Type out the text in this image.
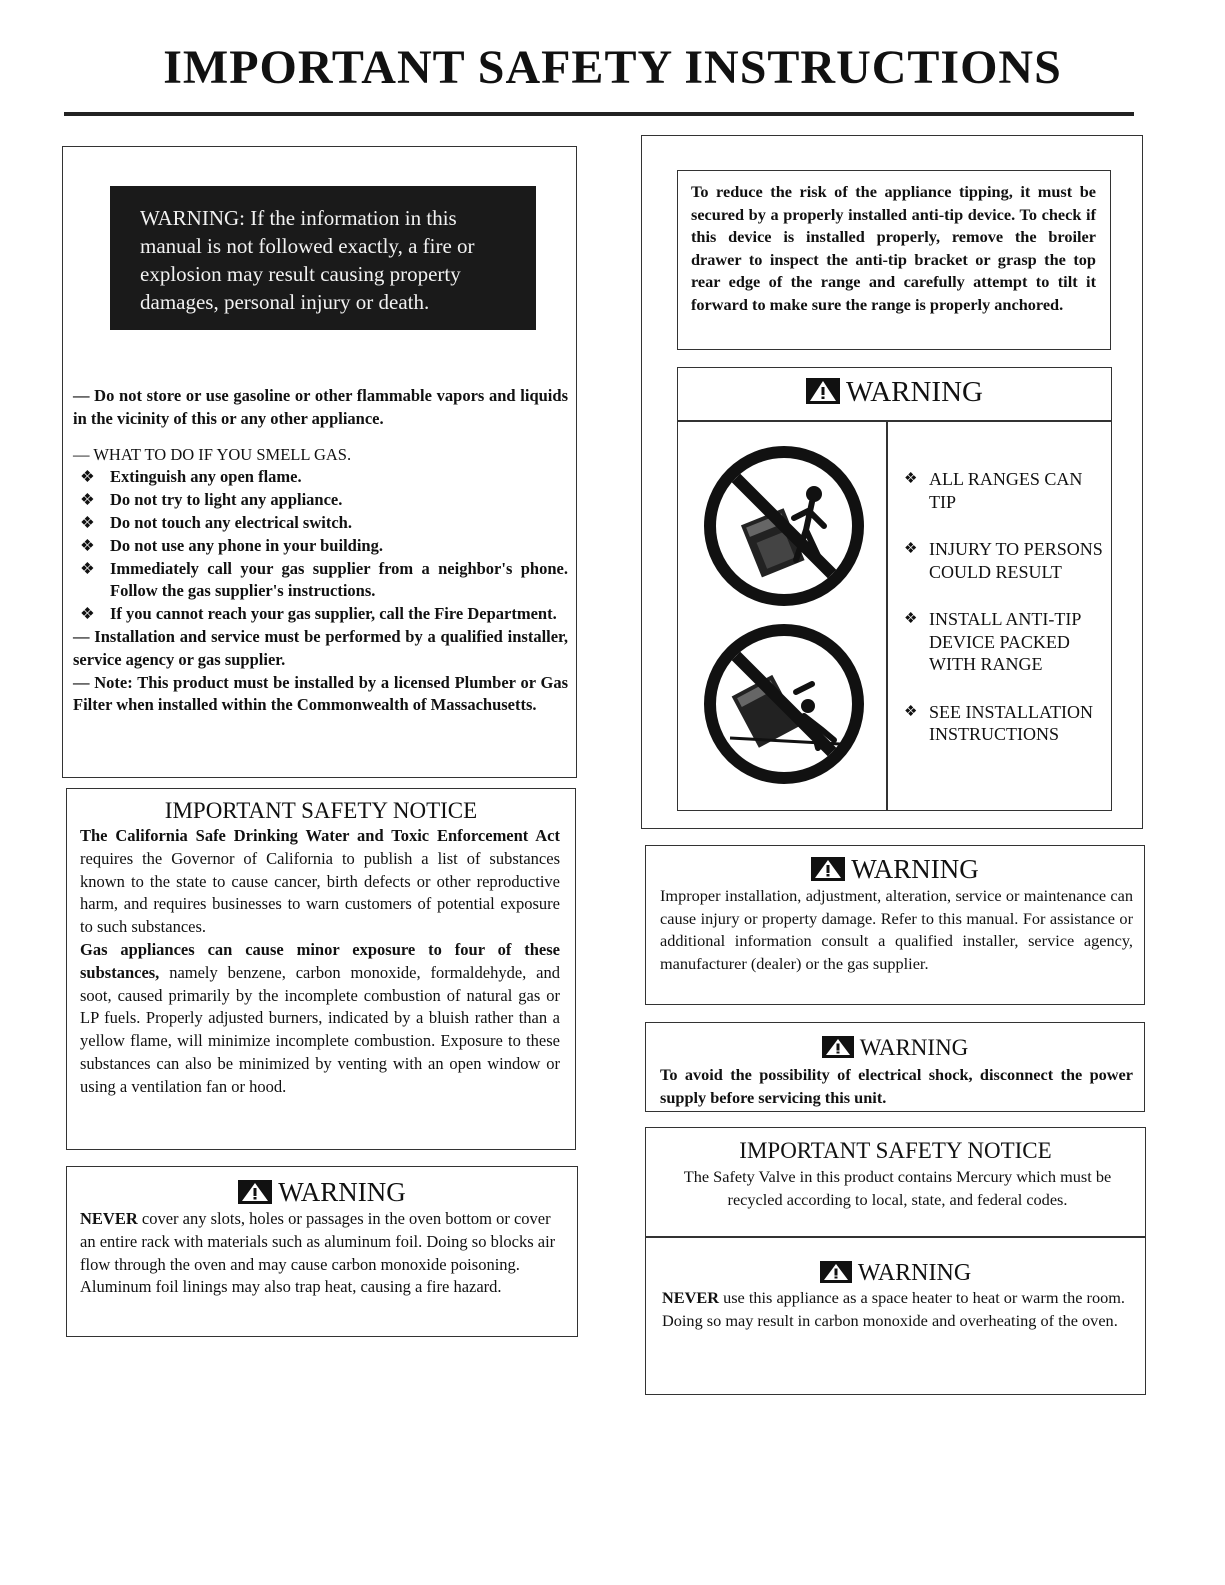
IMPORTANT SAFETY INSTRUCTIONS
WARNING: If the information in this manual is not followed exactly, a fire or explosion may result causing property damages, personal injury or death.

— Do not store or use gasoline or other flammable vapors and liquids in the vicinity of this or any other appliance.

— WHAT TO DO IF YOU SMELL GAS.

❖ Extinguish any open flame.
❖ Do not try to light any appliance.
❖ Do not touch any electrical switch.
❖ Do not use any phone in your building.
❖ Immediately call your gas supplier from a neighbor's phone. Follow the gas supplier's instructions.
❖ If you cannot reach your gas supplier, call the Fire Department.

— Installation and service must be performed by a qualified installer, service agency or gas supplier.

— Note: This product must be installed by a licensed Plumber or Gas Filter when installed within the Commonwealth of Massachusetts.

IMPORTANT SAFETY NOTICE

The California Safe Drinking Water and Toxic Enforcement Act requires the Governor of California to publish a list of substances known to the state to cause cancer, birth defects or other reproductive harm, and requires businesses to warn customers of potential exposure to such substances.

Gas appliances can cause minor exposure to four of these substances, namely benzene, carbon monoxide, formaldehyde, and soot, caused primarily by the incomplete combustion of natural gas or LP fuels. Properly adjusted burners, indicated by a bluish rather than a yellow flame, will minimize incomplete combustion. Exposure to these substances can also be minimized by venting with an open window or using a ventilation fan or hood.

WARNING
NEVER cover any slots, holes or passages in the oven bottom or cover an entire rack with materials such as aluminum foil. Doing so blocks air flow through the oven and may cause carbon monoxide poisoning. Aluminum foil linings may also trap heat, causing a fire hazard.
To reduce the risk of the appliance tipping, it must be secured by a properly installed anti-tip device. To check if this device is installed properly, remove the broiler drawer to inspect the anti-tip bracket or grasp the top rear edge of the range and carefully attempt to tilt it forward to make sure the range is properly anchored.
WARNING
❖ ALL RANGES CAN TIP
❖ INJURY TO PERSONS COULD RESULT
❖ INSTALL ANTI-TIP DEVICE PACKED WITH RANGE
❖ SEE INSTALLATION INSTRUCTIONS
WARNING
Improper installation, adjustment, alteration, service or maintenance can cause injury or property damage. Refer to this manual. For assistance or additional information consult a qualified installer, service agency, manufacturer (dealer) or the gas supplier.
WARNING
To avoid the possibility of electrical shock, disconnect the power supply before servicing this unit.
IMPORTANT SAFETY NOTICE
The Safety Valve in this product contains Mercury which must be recycled according to local, state, and federal codes.
WARNING
NEVER use this appliance as a space heater to heat or warm the room. Doing so may result in carbon monoxide and overheating of the oven.
